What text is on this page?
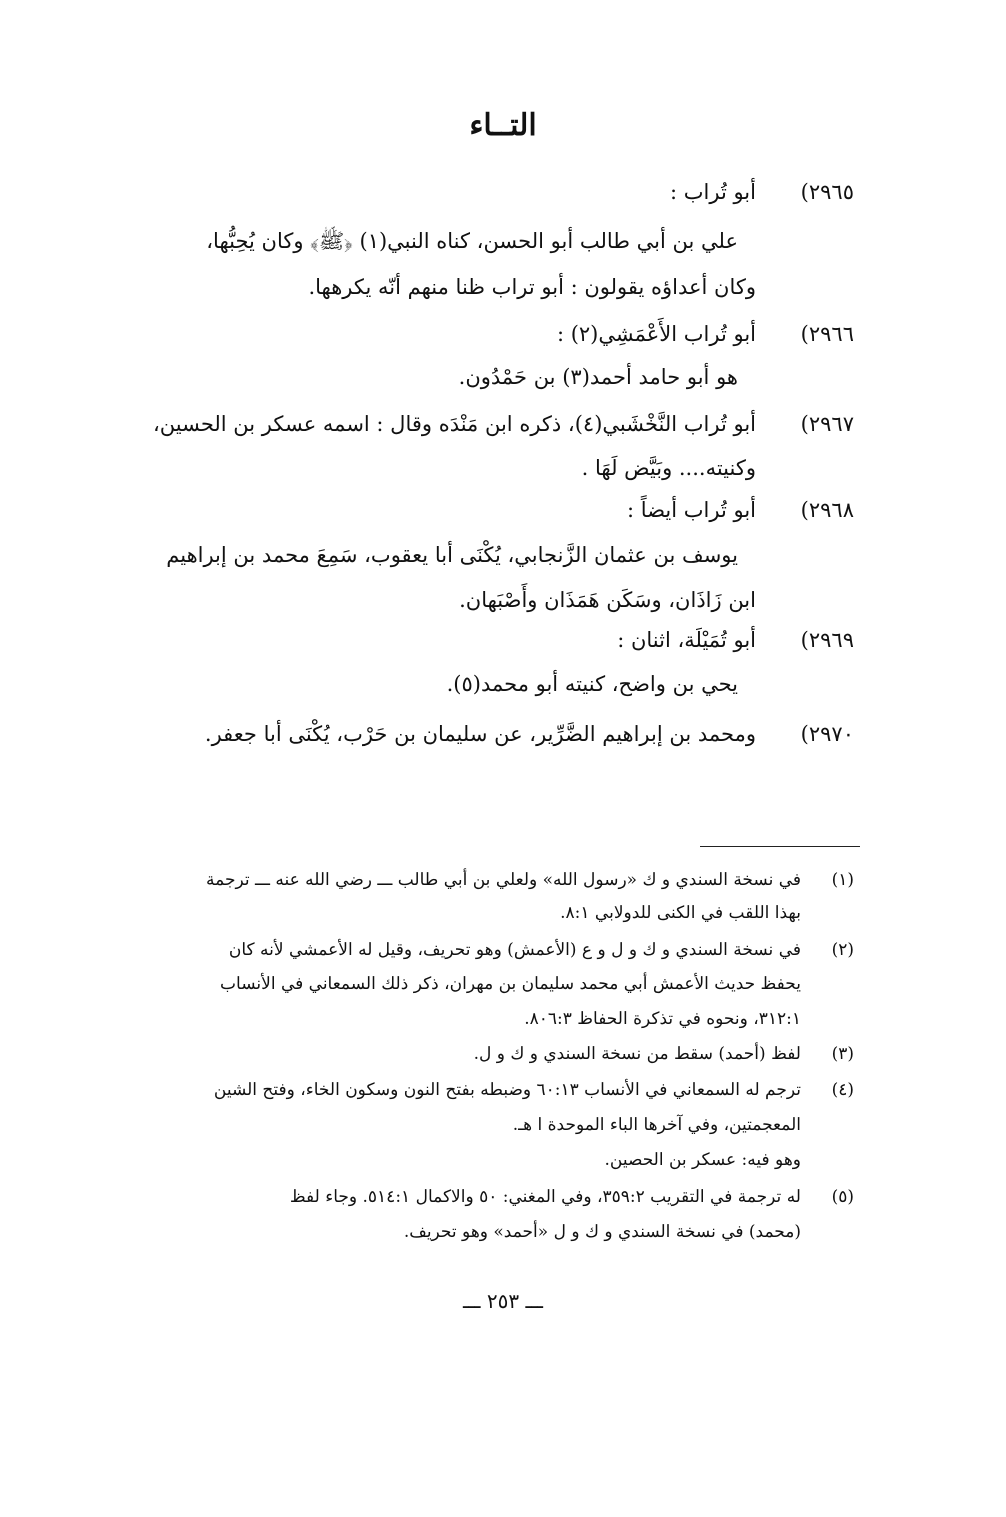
التــاء
٢٩٦٥)
أبو تُراب :
علي بن أبي طالب أبو الحسن، كناه النبي(١) ﴿ﷺ﴾ وكان يُحِبُّها،
وكان أعداؤه يقولون : أبو تراب ظنا منهم أنّه يكرهها.
٢٩٦٦)
أبو تُراب الأَعْمَشِي(٢) :
هو أبو حامد أحمد(٣) بن حَمْدُون.
٢٩٦٧)
أبو تُراب النَّخْشَبي(٤)، ذكره ابن مَنْدَه وقال : اسمه عسكر بن الحسين،
وكنيته.... وبَيَّض لَهَا .
٢٩٦٨)
أبو تُراب أيضاً :
يوسف بن عثمان الزَّنجابي، يُكْنَى أبا يعقوب، سَمِعَ محمد بن إبراهيم
ابن زَاذَان، وسَكَن هَمَذَان وأَصْبَهان.
٢٩٦٩)
أبو تُمَيْلَة، اثنان :
يحي بن واضح، كنيته أبو محمد(٥).
٢٩٧٠)
ومحمد بن إبراهيم الضَّرِّير، عن سليمان بن حَرْب، يُكْنَى أبا جعفر.
(١)
في نسخة السندي و ك «رسول الله» ولعلي بن أبي طالب ـــ رضي الله عنه ـــ ترجمة
بهذا اللقب في الكنى للدولابي ٨:١.
(٢)
في نسخة السندي و ك و ل و ع (الأعمش) وهو تحريف، وقيل له الأعمشي لأنه كان
يحفظ حديث الأعمش أبي محمد سليمان بن مهران، ذكر ذلك السمعاني في الأنساب
٣١٢:١، ونحوه في تذكرة الحفاظ ٨٠٦:٣.
(٣)
لفظ (أحمد) سقط من نسخة السندي و ك و ل.
(٤)
ترجم له السمعاني في الأنساب ٦٠:١٣ وضبطه بفتح النون وسكون الخاء، وفتح الشين
المعجمتين، وفي آخرها الباء الموحدة ا هـ.
وهو فيه: عسكر بن الحصين.
(٥)
له ترجمة في التقريب ٣٥٩:٢، وفي المغني: ٥٠ والاكمال ٥١٤:١. وجاء لفظ
(محمد) في نسخة السندي و ك و ل «أحمد» وهو تحريف.
ـــ ٢٥٣ ـــ
